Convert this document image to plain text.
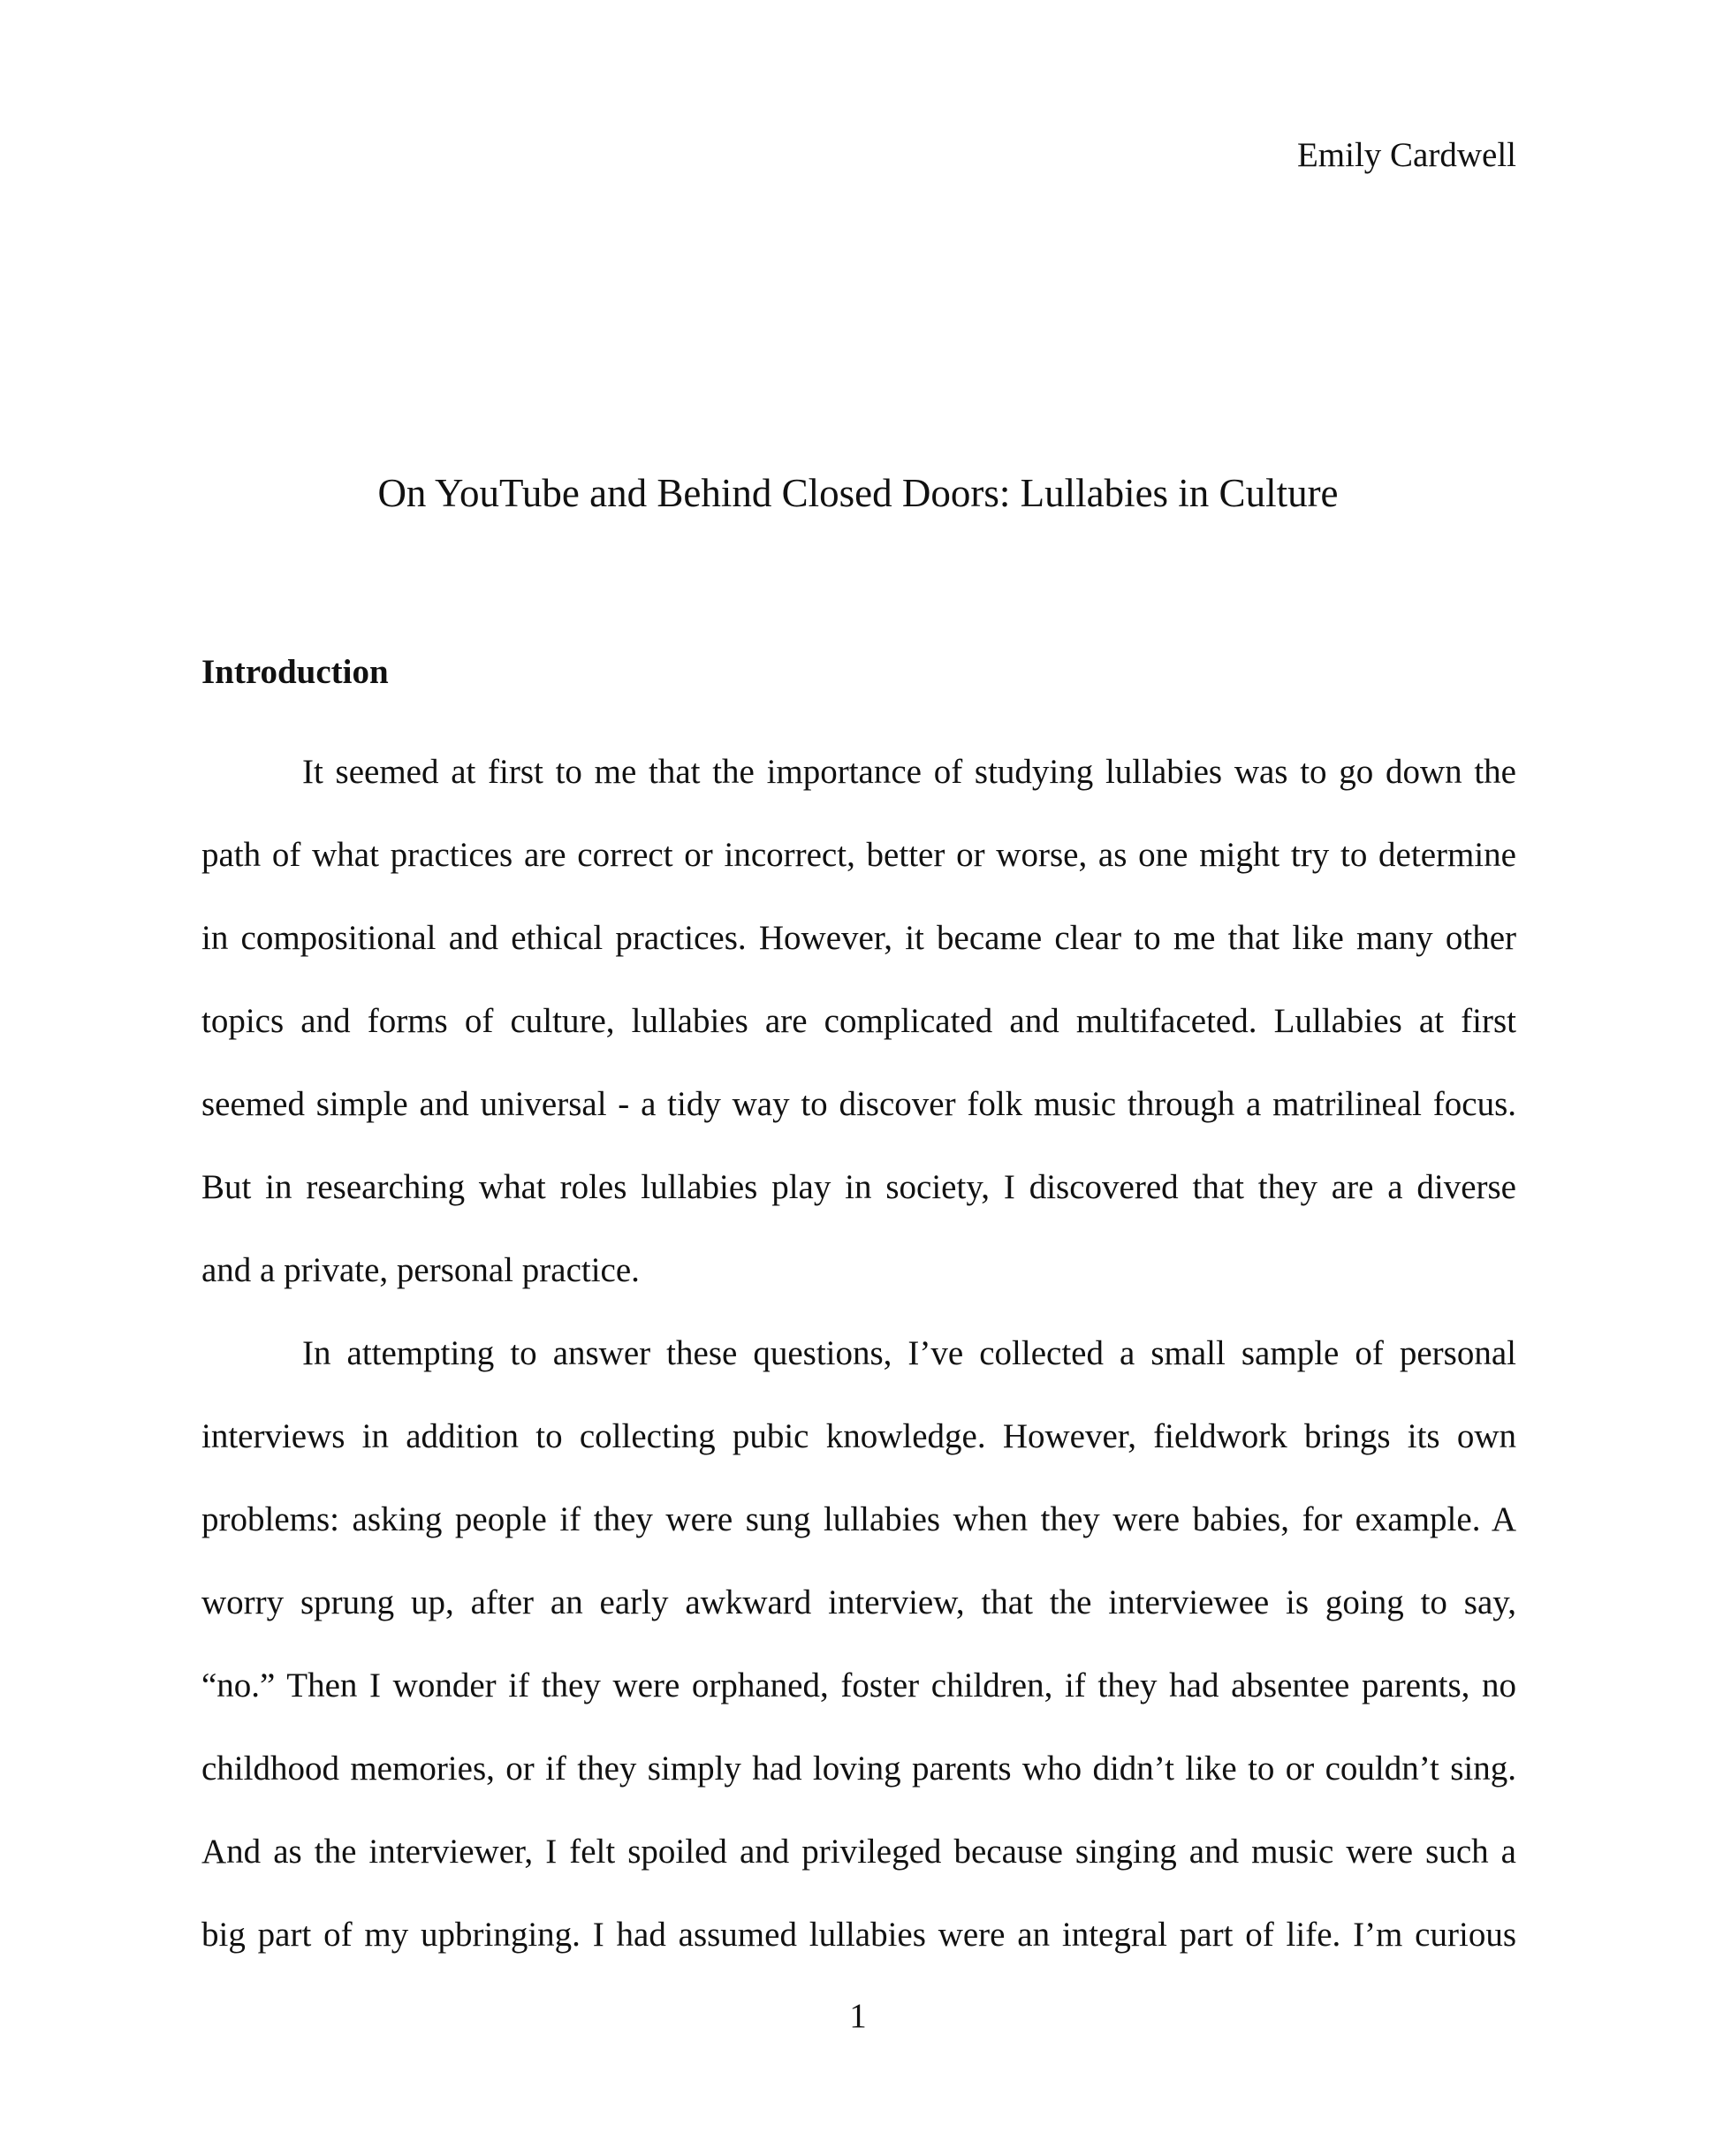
Emily Cardwell
On YouTube and Behind Closed Doors: Lullabies in Culture
Introduction

It seemed at first to me that the importance of studying lullabies was to go down the
path of what practices are correct or incorrect, better or worse, as one might try to determine
in compositional and ethical practices. However, it became clear to me that like many other
topics and forms of culture, lullabies are complicated and multifaceted. Lullabies at first
seemed simple and universal - a tidy way to discover folk music through a matrilineal focus.
But in researching what roles lullabies play in society, I discovered that they are a diverse
and a private, personal practice.

In attempting to answer these questions, I’ve collected a small sample of personal
interviews in addition to collecting pubic knowledge. However, fieldwork brings its own
problems: asking people if they were sung lullabies when they were babies, for example. A
worry sprung up, after an early awkward interview, that the interviewee is going to say,
“no.” Then I wonder if they were orphaned, foster children, if they had absentee parents, no
childhood memories, or if they simply had loving parents who didn’t like to or couldn’t sing.
And as the interviewer, I felt spoiled and privileged because singing and music were such a
big part of my upbringing. I had assumed lullabies were an integral part of life. I’m curious

1
